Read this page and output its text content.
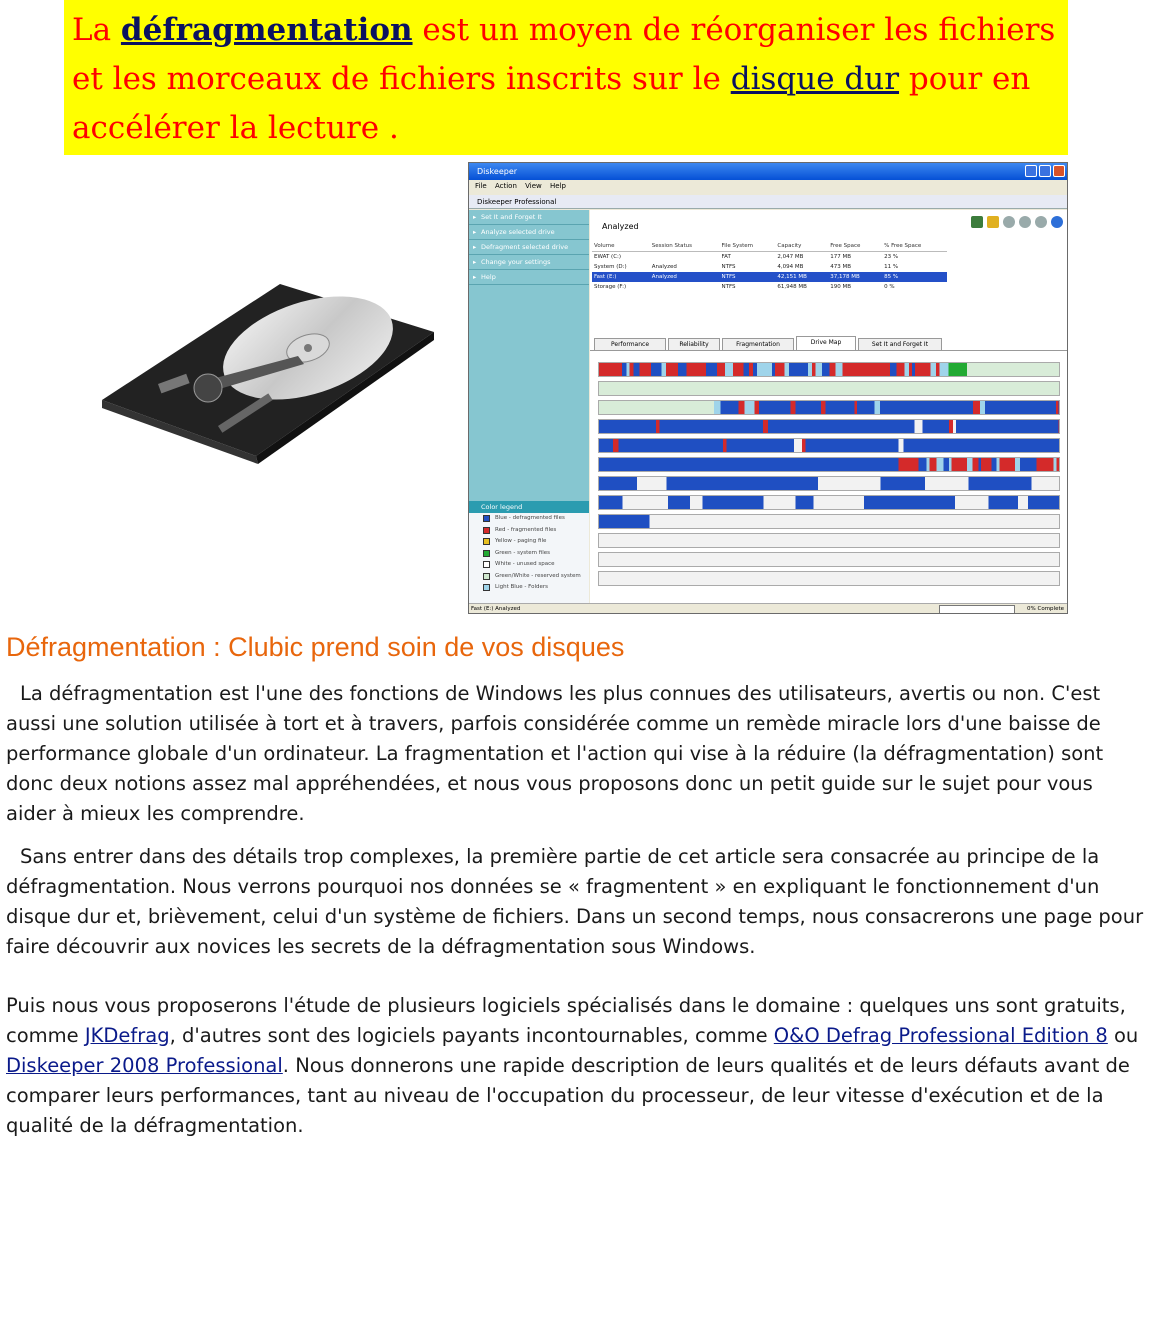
La défragmentation est un moyen de réorganiser les fichiers et les morceaux de fichiers inscrits sur le disque dur pour en accélérer la lecture .
Diskeeper
File Action View Help
Diskeeper Professional
▸ Set It and Forget It
▸ Analyze selected drive
▸ Defragment selected drive
▸ Change your settings
▸ Help
Color legend
Blue - defragmented files
Red - fragmented files
Yellow - paging file
Green - system files
White - unused space
Green/White - reserved system
Light Blue - Folders
Analyzed
Volume	Session Status	File System	Capacity	Free Space	% Free Space
EWAT (C:)		FAT	2,047 MB	177 MB	23 %
System (D:)	Analyzed	NTFS	4,094 MB	473 MB	11 %
Fast (E:)	Analyzed	NTFS	42,151 MB	37,178 MB	85 %
Storage (F:)		NTFS	61,948 MB	190 MB	0 %
Performance	Reliability	Fragmentation	Drive Map	Set It and Forget It
Fast (E:) Analyzed	0% Complete
Défragmentation : Clubic prend soin de vos disques

La défragmentation est l'une des fonctions de Windows les plus connues des utilisateurs, avertis ou non. C'est aussi une solution utilisée à tort et à travers, parfois considérée comme un remède miracle lors d'une baisse de performance globale d'un ordinateur. La fragmentation et l'action qui vise à la réduire (la défragmentation) sont donc deux notions assez mal appréhendées, et nous vous proposons donc un petit guide sur le sujet pour vous aider à mieux les comprendre.

Sans entrer dans des détails trop complexes, la première partie de cet article sera consacrée au principe de la défragmentation. Nous verrons pourquoi nos données se « fragmentent » en expliquant le fonctionnement d'un disque dur et, brièvement, celui d'un système de fichiers. Dans un second temps, nous consacrerons une page pour faire découvrir aux novices les secrets de la défragmentation sous Windows.

Puis nous vous proposerons l'étude de plusieurs logiciels spécialisés dans le domaine : quelques uns sont gratuits, comme JKDefrag, d'autres sont des logiciels payants incontournables, comme O&O Defrag Professional Edition 8 ou Diskeeper 2008 Professional. Nous donnerons une rapide description de leurs qualités et de leurs défauts avant de comparer leurs performances, tant au niveau de l'occupation du processeur, de leur vitesse d'exécution et de la qualité de la défragmentation.
